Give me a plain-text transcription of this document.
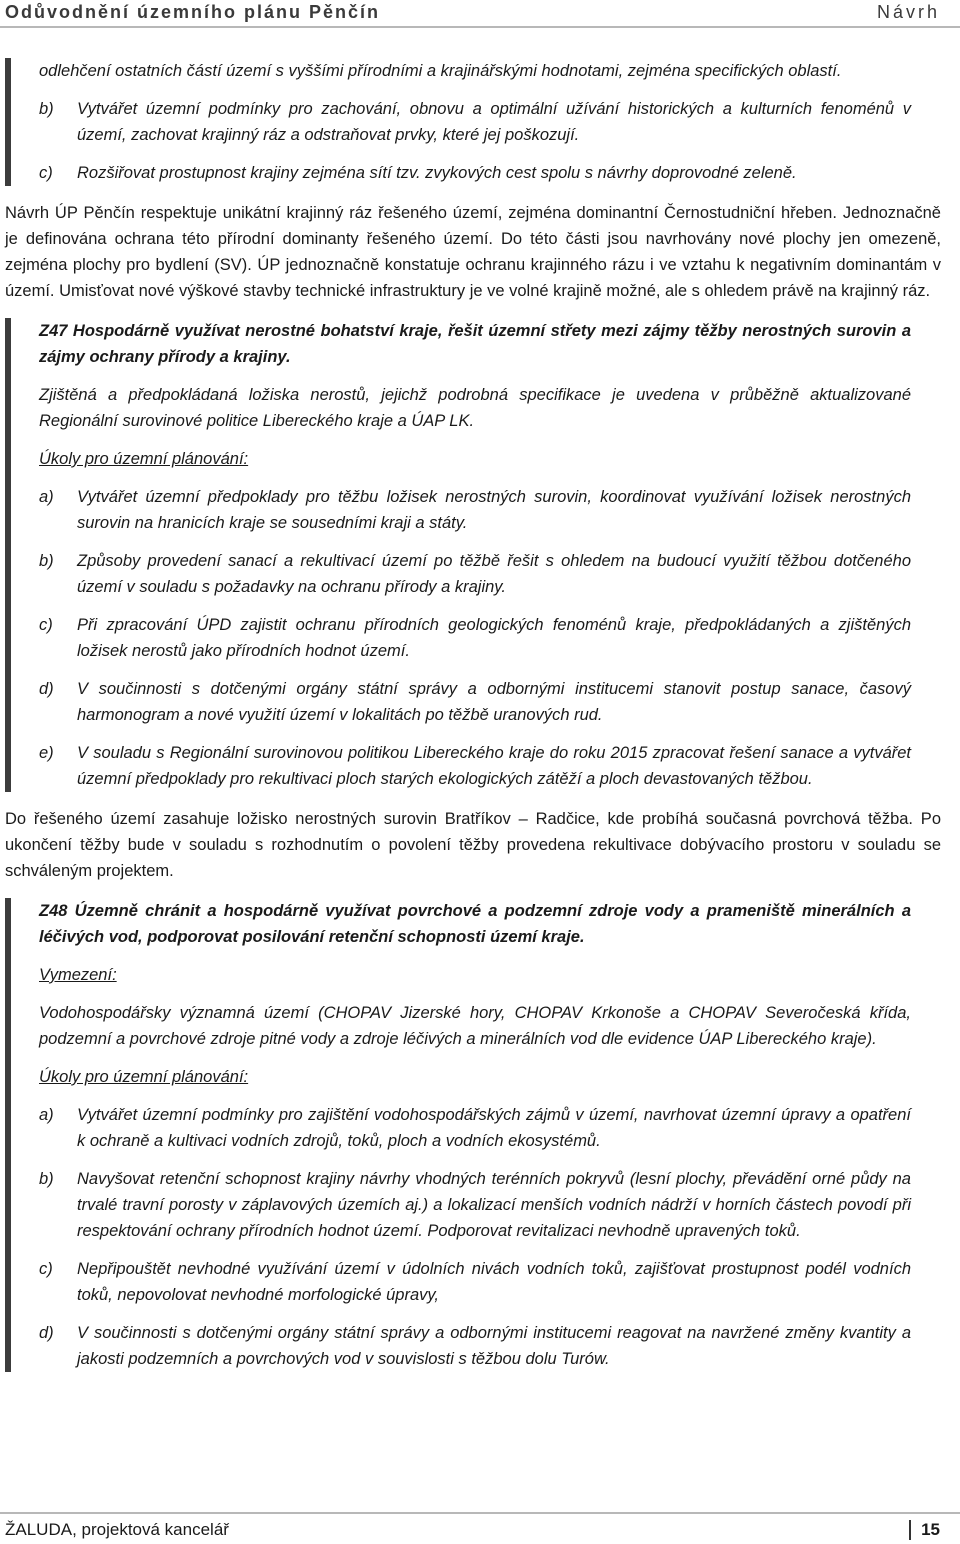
Odůvodnění územního plánu Pěnčín	Návrh

odlehčení ostatních částí území s vyššími přírodními a krajinářskými hodnotami, zejména specifických oblastí.

b)	Vytvářet územní podmínky pro zachování, obnovu a optimální užívání historických a kulturních fenoménů v území, zachovat krajinný ráz a odstraňovat prvky, které jej poškozují.
c)	Rozšiřovat prostupnost krajiny zejména sítí tzv. zvykových cest spolu s návrhy doprovodné zeleně.

Návrh ÚP Pěnčín respektuje unikátní krajinný ráz řešeného území, zejména dominantní Černostudniční hřeben. Jednoznačně je definována ochrana této přírodní dominanty řešeného území. Do této části jsou navrhovány nové plochy jen omezeně, zejména plochy pro bydlení (SV). ÚP jednoznačně konstatuje ochranu krajinného rázu i ve vztahu k negativním dominantám v území. Umisťovat nové výškové stavby technické infrastruktury je ve volné krajině možné, ale s ohledem právě na krajinný ráz.

Z47 Hospodárně využívat nerostné bohatství kraje, řešit územní střety mezi zájmy těžby nerostných surovin a zájmy ochrany přírody a krajiny.

Zjištěná a předpokládaná ložiska nerostů, jejichž podrobná specifikace je uvedena v průběžně aktualizované Regionální surovinové politice Libereckého kraje a ÚAP LK.

Úkoly pro územní plánování:

a)	Vytvářet územní předpoklady pro těžbu ložisek nerostných surovin, koordinovat využívání ložisek nerostných surovin na hranicích kraje se sousedními kraji a státy.
b)	Způsoby provedení sanací a rekultivací území po těžbě řešit s ohledem na budoucí využití těžbou dotčeného území v souladu s požadavky na ochranu přírody a krajiny.
c)	Při zpracování ÚPD zajistit ochranu přírodních geologických fenoménů kraje, předpokládaných a zjištěných ložisek nerostů jako přírodních hodnot území.
d)	V součinnosti s dotčenými orgány státní správy a odbornými institucemi stanovit postup sanace, časový harmonogram a nové využití území v lokalitách po těžbě uranových rud.
e)	V souladu s Regionální surovinovou politikou Libereckého kraje do roku 2015 zpracovat řešení sanace a vytvářet územní předpoklady pro rekultivaci ploch starých ekologických zátěží a ploch devastovaných těžbou.

Do řešeného území zasahuje ložisko nerostných surovin Bratříkov – Radčice, kde probíhá současná povrchová těžba. Po ukončení těžby bude v souladu s rozhodnutím o povolení těžby provedena rekultivace dobývacího prostoru v souladu se schváleným projektem.

Z48 Územně chránit a hospodárně využívat povrchové a podzemní zdroje vody a prameniště minerálních a léčivých vod, podporovat posilování retenční schopnosti území kraje.

Vymezení:

Vodohospodářsky významná území (CHOPAV Jizerské hory, CHOPAV Krkonoše a CHOPAV Severočeská křída, podzemní a povrchové zdroje pitné vody a zdroje léčivých a minerálních vod dle evidence ÚAP Libereckého kraje).

Úkoly pro územní plánování:

a)	Vytvářet územní podmínky pro zajištění vodohospodářských zájmů v území, navrhovat územní úpravy a opatření k ochraně a kultivaci vodních zdrojů, toků, ploch a vodních ekosystémů.
b)	Navyšovat retenční schopnost krajiny návrhy vhodných terénních pokryvů (lesní plochy, převádění orné půdy na trvalé travní porosty v záplavových územích aj.) a lokalizací menších vodních nádrží v horních částech povodí při respektování ochrany přírodních hodnot území. Podporovat revitalizaci nevhodně upravených toků.
c)	Nepřipouštět nevhodné využívání území v údolních nivách vodních toků, zajišťovat prostupnost podél vodních toků, nepovolovat nevhodné morfologické úpravy,
d)	V součinnosti s dotčenými orgány státní správy a odbornými institucemi reagovat na navržené změny kvantity a jakosti podzemních a povrchových vod v souvislosti s těžbou dolu Turów.
ŽALUDA, projektová kancelář	15
